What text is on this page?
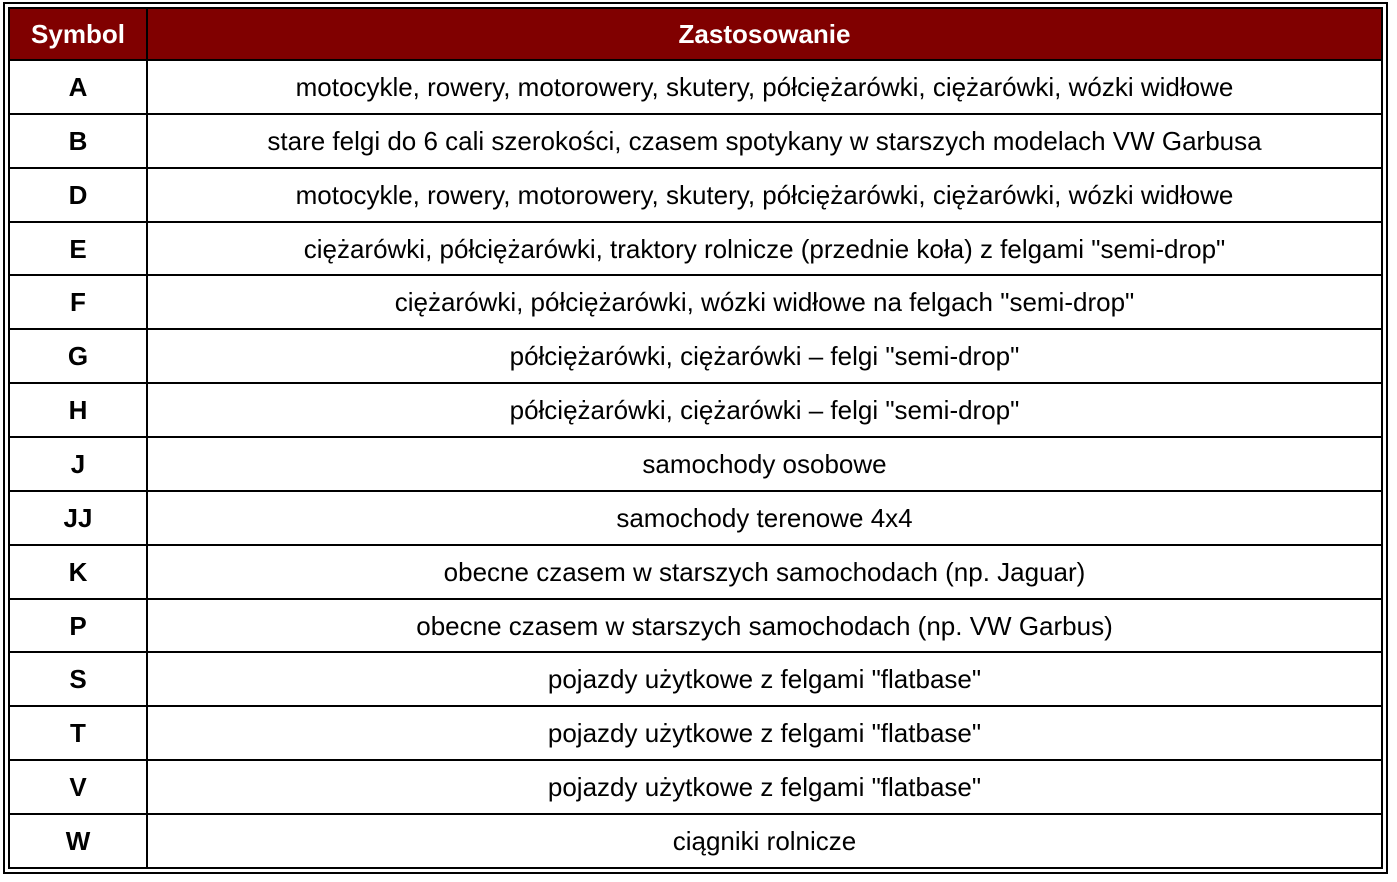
Symbol	Zastosowanie
A	motocykle, rowery, motorowery, skutery, półciężarówki, ciężarówki, wózki widłowe
B	stare felgi do 6 cali szerokości, czasem spotykany w starszych modelach VW Garbusa
D	motocykle, rowery, motorowery, skutery, półciężarówki, ciężarówki, wózki widłowe
E	ciężarówki, półciężarówki, traktory rolnicze (przednie koła) z felgami "semi-drop"
F	ciężarówki, półciężarówki, wózki widłowe na felgach "semi-drop"
G	półciężarówki, ciężarówki – felgi "semi-drop"
H	półciężarówki, ciężarówki – felgi "semi-drop"
J	samochody osobowe
JJ	samochody terenowe 4x4
K	obecne czasem w starszych samochodach (np. Jaguar)
P	obecne czasem w starszych samochodach (np. VW Garbus)
S	pojazdy użytkowe z felgami "flatbase"
T	pojazdy użytkowe z felgami "flatbase"
V	pojazdy użytkowe z felgami "flatbase"
W	ciągniki rolnicze
